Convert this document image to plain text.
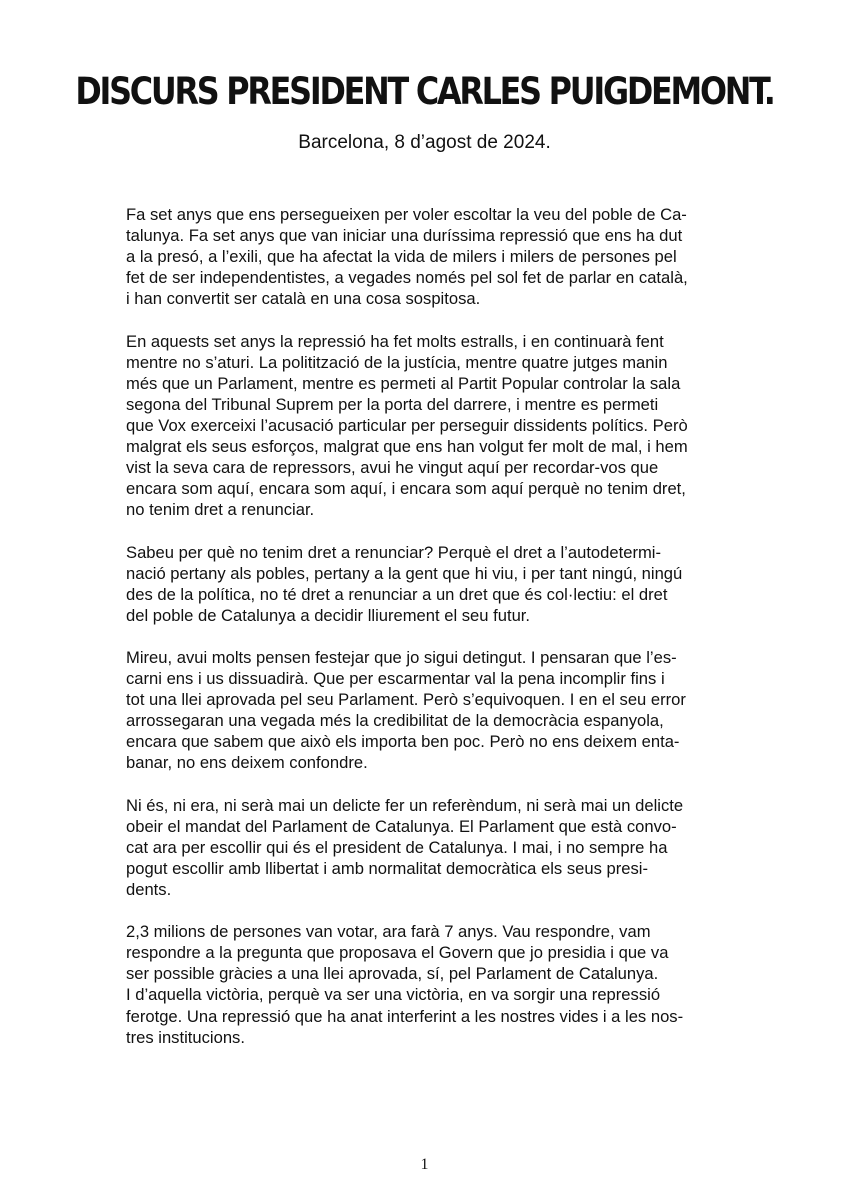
DISCURS PRESIDENT CARLES PUIGDEMONT.

Barcelona, 8 d’agost de 2024.

Fa set anys que ens persegueixen per voler escoltar la veu del poble de Ca-
talunya. Fa set anys que van iniciar una duríssima repressió que ens ha dut
a la presó, a l’exili, que ha afectat la vida de milers i milers de persones pel
fet de ser independentistes, a vegades només pel sol fet de parlar en català,
i han convertit ser català en una cosa sospitosa.

En aquests set anys la repressió ha fet molts estralls, i en continuarà fent
mentre no s’aturi. La politització de la justícia, mentre quatre jutges manin
més que un Parlament, mentre es permeti al Partit Popular controlar la sala
segona del Tribunal Suprem per la porta del darrere, i mentre es permeti
que Vox exerceixi l’acusació particular per perseguir dissidents polítics. Però
malgrat els seus esforços, malgrat que ens han volgut fer molt de mal, i hem
vist la seva cara de repressors, avui he vingut aquí per recordar-vos que
encara som aquí, encara som aquí, i encara som aquí perquè no tenim dret,
no tenim dret a renunciar.

Sabeu per què no tenim dret a renunciar? Perquè el dret a l’autodetermi-
nació pertany als pobles, pertany a la gent que hi viu, i per tant ningú, ningú
des de la política, no té dret a renunciar a un dret que és col·lectiu: el dret
del poble de Catalunya a decidir lliurement el seu futur.

Mireu, avui molts pensen festejar que jo sigui detingut. I pensaran que l’es-
carni ens i us dissuadirà. Que per escarmentar val la pena incomplir fins i
tot una llei aprovada pel seu Parlament. Però s’equivoquen. I en el seu error
arrossegaran una vegada més la credibilitat de la democràcia espanyola,
encara que sabem que això els importa ben poc. Però no ens deixem enta-
banar, no ens deixem confondre.

Ni és, ni era, ni serà mai un delicte fer un referèndum, ni serà mai un delicte
obeir el mandat del Parlament de Catalunya. El Parlament que està convo-
cat ara per escollir qui és el president de Catalunya. I mai, i no sempre ha
pogut escollir amb llibertat i amb normalitat democràtica els seus presi-
dents.

2,3 milions de persones van votar, ara farà 7 anys. Vau respondre, vam
respondre a la pregunta que proposava el Govern que jo presidia i que va
ser possible gràcies a una llei aprovada, sí, pel Parlament de Catalunya.
I d’aquella victòria, perquè va ser una victòria, en va sorgir una repressió
ferotge. Una repressió que ha anat interferint a les nostres vides i a les nos-
tres institucions.

1
